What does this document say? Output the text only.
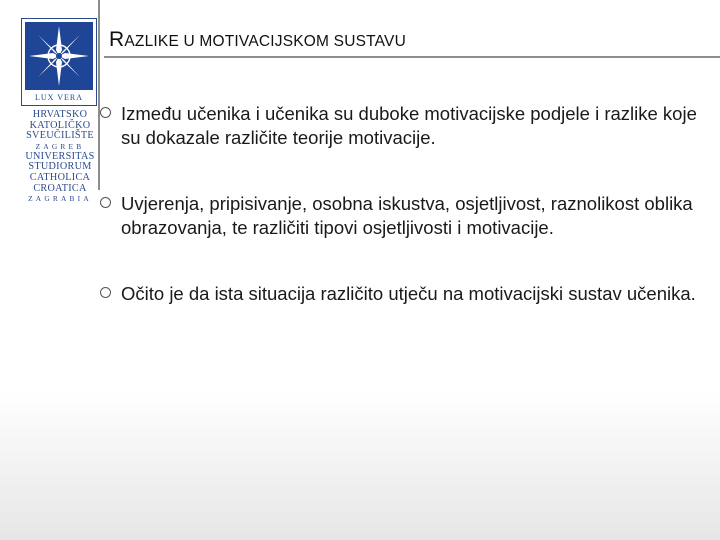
LUX VERA
HRVATSKO
KATOLIČKO
SVEUČILIŠTE
ZAGREB
UNIVERSITAS
STUDIORUM
CATHOLICA
CROATICA
ZAGRABIA
RAZLIKE U MOTIVACIJSKOM SUSTAVU
Između učenika i učenika su duboke motivacijske podjele i razlike koje su dokazale različite teorije motivacije.
Uvjerenja, pripisivanje, osobna iskustva, osjetljivost, raznolikost oblika obrazovanja, te različiti tipovi osjetljivosti i motivacije.
Očito je da ista situacija različito utječu na motivacijski sustav učenika.
